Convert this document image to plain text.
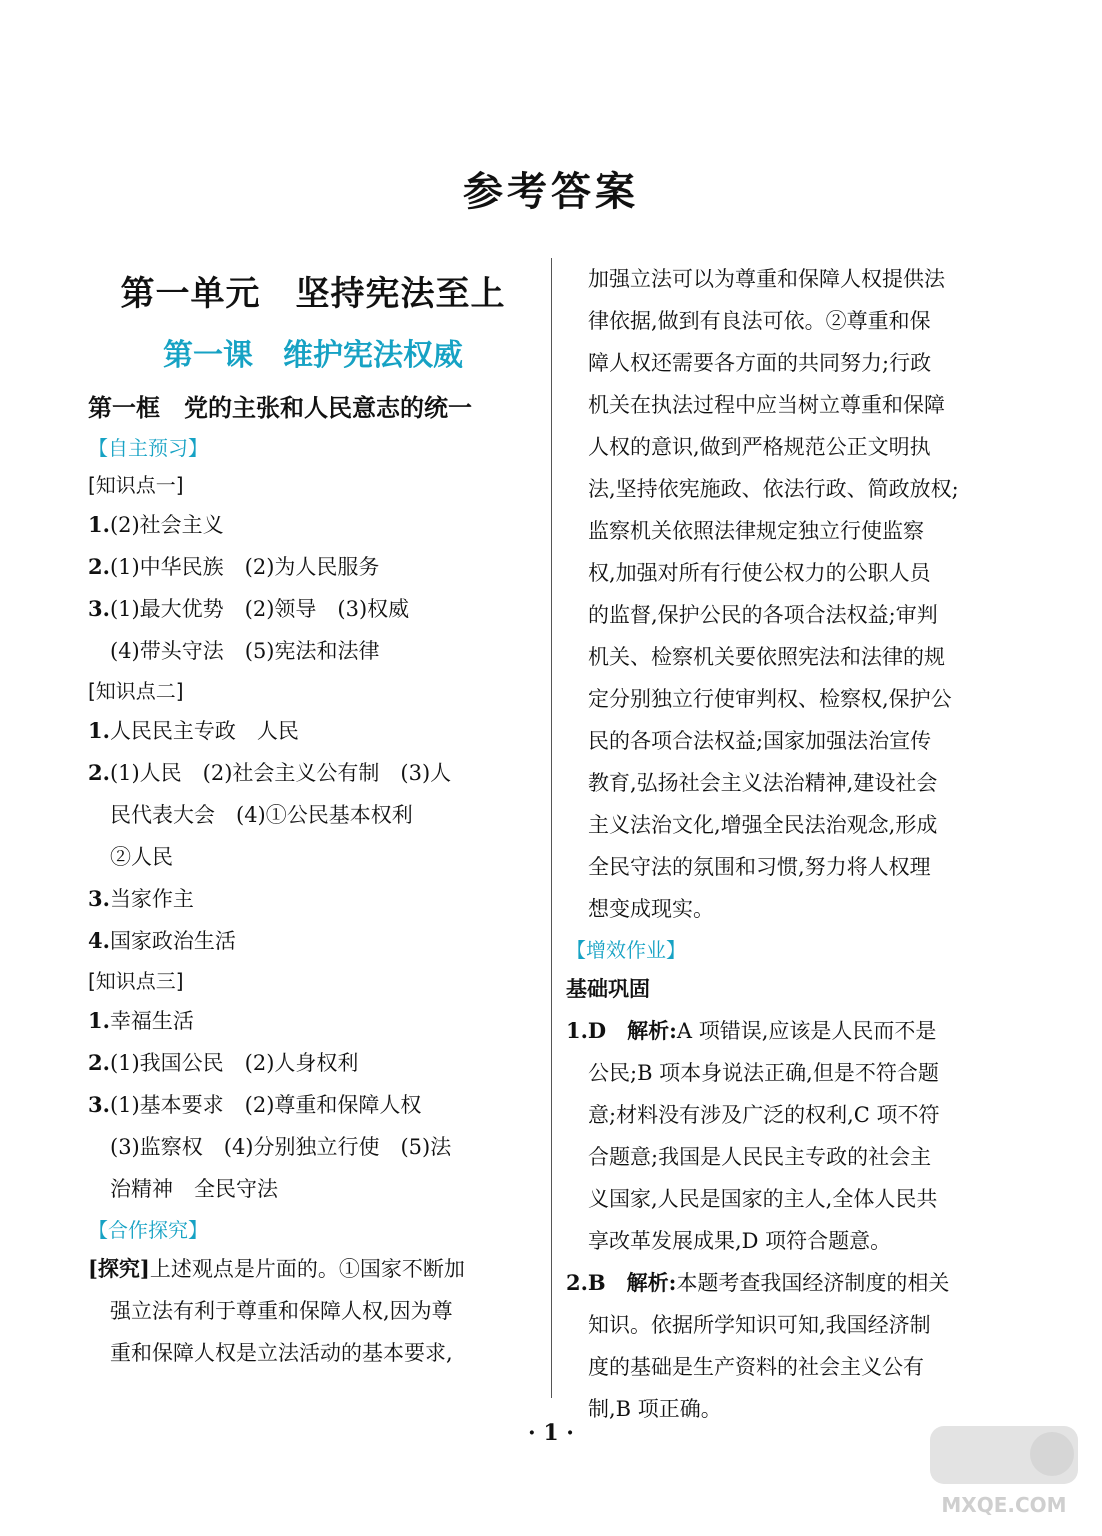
参考答案
第一单元　坚持宪法至上
第一课　维护宪法权威
第一框　党的主张和人民意志的统一
【自主预习】
[知识点一]
1.(2)社会主义
2.(1)中华民族　(2)为人民服务
3.(1)最大优势　(2)领导　(3)权威
(4)带头守法　(5)宪法和法律
[知识点二]
1.人民民主专政　人民
2.(1)人民　(2)社会主义公有制　(3)人
民代表大会　(4)①公民基本权利
②人民
3.当家作主
4.国家政治生活
[知识点三]
1.幸福生活
2.(1)我国公民　(2)人身权利
3.(1)基本要求　(2)尊重和保障人权
(3)监察权　(4)分别独立行使　(5)法
治精神　全民守法
【合作探究】
[探究]上述观点是片面的。①国家不断加
强立法有利于尊重和保障人权,因为尊
重和保障人权是立法活动的基本要求,
加强立法可以为尊重和保障人权提供法
律依据,做到有良法可依。②尊重和保
障人权还需要各方面的共同努力;行政
机关在执法过程中应当树立尊重和保障
人权的意识,做到严格规范公正文明执
法,坚持依宪施政、依法行政、简政放权;
监察机关依照法律规定独立行使监察
权,加强对所有行使公权力的公职人员
的监督,保护公民的各项合法权益;审判
机关、检察机关要依照宪法和法律的规
定分别独立行使审判权、检察权,保护公
民的各项合法权益;国家加强法治宣传
教育,弘扬社会主义法治精神,建设社会
主义法治文化,增强全民法治观念,形成
全民守法的氛围和习惯,努力将人权理
想变成现实。
【增效作业】
基础巩固
1.D　解析:A 项错误,应该是人民而不是
公民;B 项本身说法正确,但是不符合题
意;材料没有涉及广泛的权利,C 项不符
合题意;我国是人民民主专政的社会主
义国家,人民是国家的主人,全体人民共
享改革发展成果,D 项符合题意。
2.B　解析:本题考查我国经济制度的相关
知识。依据所学知识可知,我国经济制
度的基础是生产资料的社会主义公有
制,B 项正确。
· 1 ·
MXQE.COM
